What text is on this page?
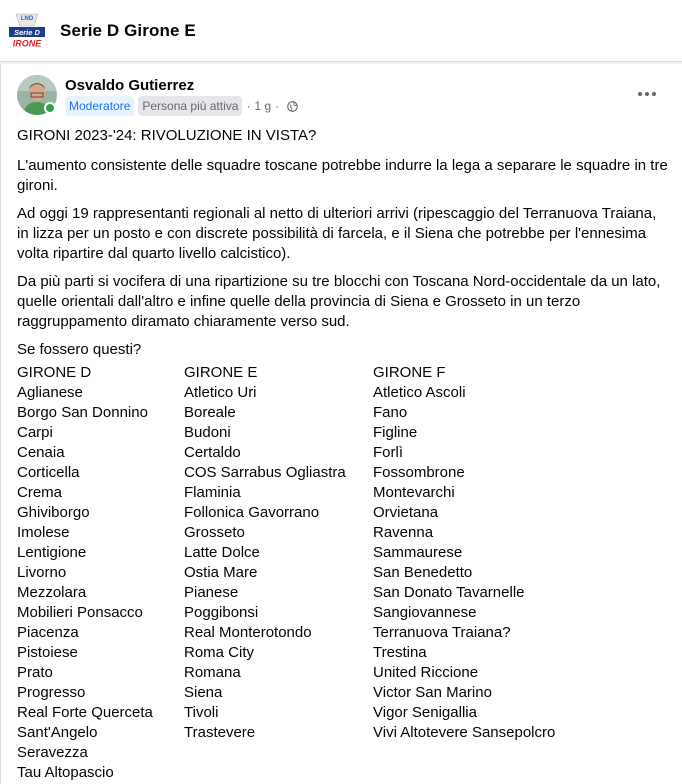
LND
Serie D
IRONE
Serie D Girone E
Osvaldo Gutierrez
Moderatore	Persona più attiva · 1 g ·

GIRONI 2023-'24: RIVOLUZIONE IN VISTA?

L'aumento consistente delle squadre toscane potrebbe indurre la lega a separare le squadre in tre gironi.

Ad oggi 19 rappresentanti regionali al netto di ulteriori arrivi (ripescaggio del Terranuova Traiana, in lizza per un posto e con discrete possibilità di farcela, e il Siena che potrebbe per l'ennesima volta ripartire dal quarto livello calcistico).

Da più parti si vocifera di una ripartizione su tre blocchi con Toscana Nord-occidentale da un lato, quelle orientali dall'altro e infine quelle della provincia di Siena e Grosseto in un terzo raggruppamento diramato chiaramente verso sud.

Se fossero questi?

GIRONE D
Aglianese
Borgo San Donnino
Carpi
Cenaia
Corticella
Crema
Ghiviborgo
Imolese
Lentigione
Livorno
Mezzolara
Mobilieri Ponsacco
Piacenza
Pistoiese
Prato
Progresso
Real Forte Querceta
Sant'Angelo
Seravezza
Tau Altopascio
GIRONE E
Atletico Uri
Boreale
Budoni
Certaldo
COS Sarrabus Ogliastra
Flaminia
Follonica Gavorrano
Grosseto
Latte Dolce
Ostia Mare
Pianese
Poggibonsi
Real Monterotondo
Roma City
Romana
Siena
Tivoli
Trastevere
GIRONE F
Atletico Ascoli
Fano
Figline
Forlì
Fossombrone
Montevarchi
Orvietana
Ravenna
Sammaurese
San Benedetto
San Donato Tavarnelle
Sangiovannese
Terranuova Traiana?
Trestina
United Riccione
Victor San Marino
Vigor Senigallia
Vivi Altotevere Sansepolcro
